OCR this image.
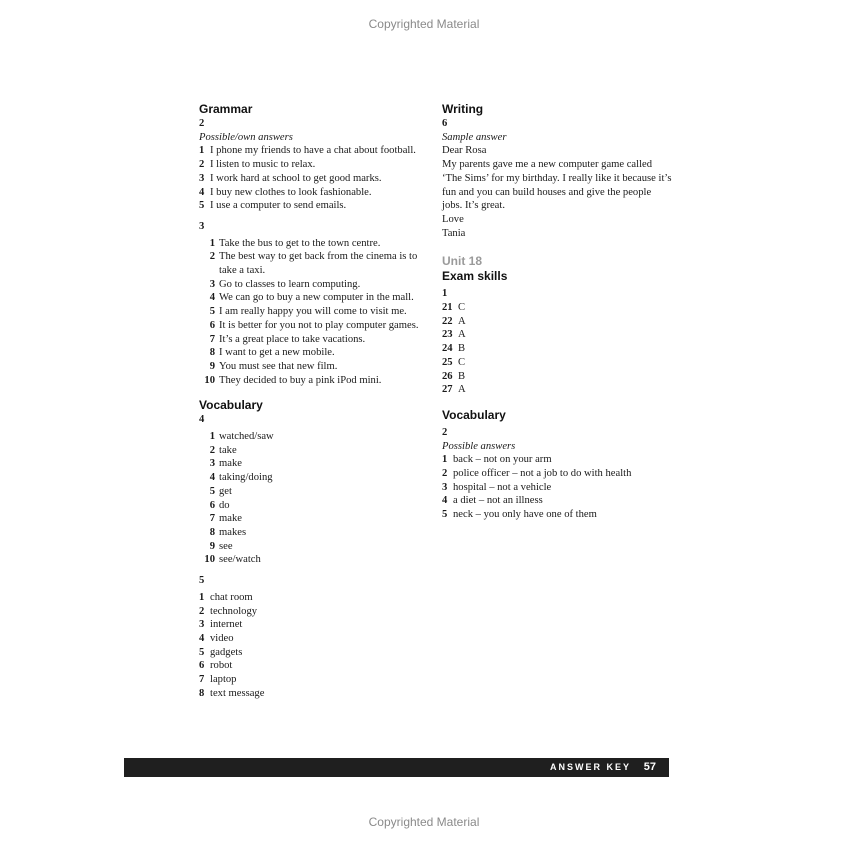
Copyrighted Material
Grammar
2
Possible/own answers
1 I phone my friends to have a chat about football.
2 I listen to music to relax.
3 I work hard at school to get good marks.
4 I buy new clothes to look fashionable.
5 I use a computer to send emails.
3
1 Take the bus to get to the town centre.
2 The best way to get back from the cinema is to take a taxi.
3 Go to classes to learn computing.
4 We can go to buy a new computer in the mall.
5 I am really happy you will come to visit me.
6 It is better for you not to play computer games.
7 It’s a great place to take vacations.
8 I want to get a new mobile.
9 You must see that new film.
10 They decided to buy a pink iPod mini.
Vocabulary
4
1 watched/saw
2 take
3 make
4 taking/doing
5 get
6 do
7 make
8 makes
9 see
10 see/watch
5
1 chat room
2 technology
3 internet
4 video
5 gadgets
6 robot
7 laptop
8 text message
Writing
6
Sample answer
Dear Rosa
My parents gave me a new computer game called ‘The Sims’ for my birthday. I really like it because it’s fun and you can build houses and give the people jobs. It’s great.
Love
Tania
Unit 18
Exam skills
1
21 C
22 A
23 A
24 B
25 C
26 B
27 A
Vocabulary
2
Possible answers
1 back – not on your arm
2 police officer – not a job to do with health
3 hospital – not a vehicle
4 a diet – not an illness
5 neck – you only have one of them
ANSWER KEY 57
Copyrighted Material
